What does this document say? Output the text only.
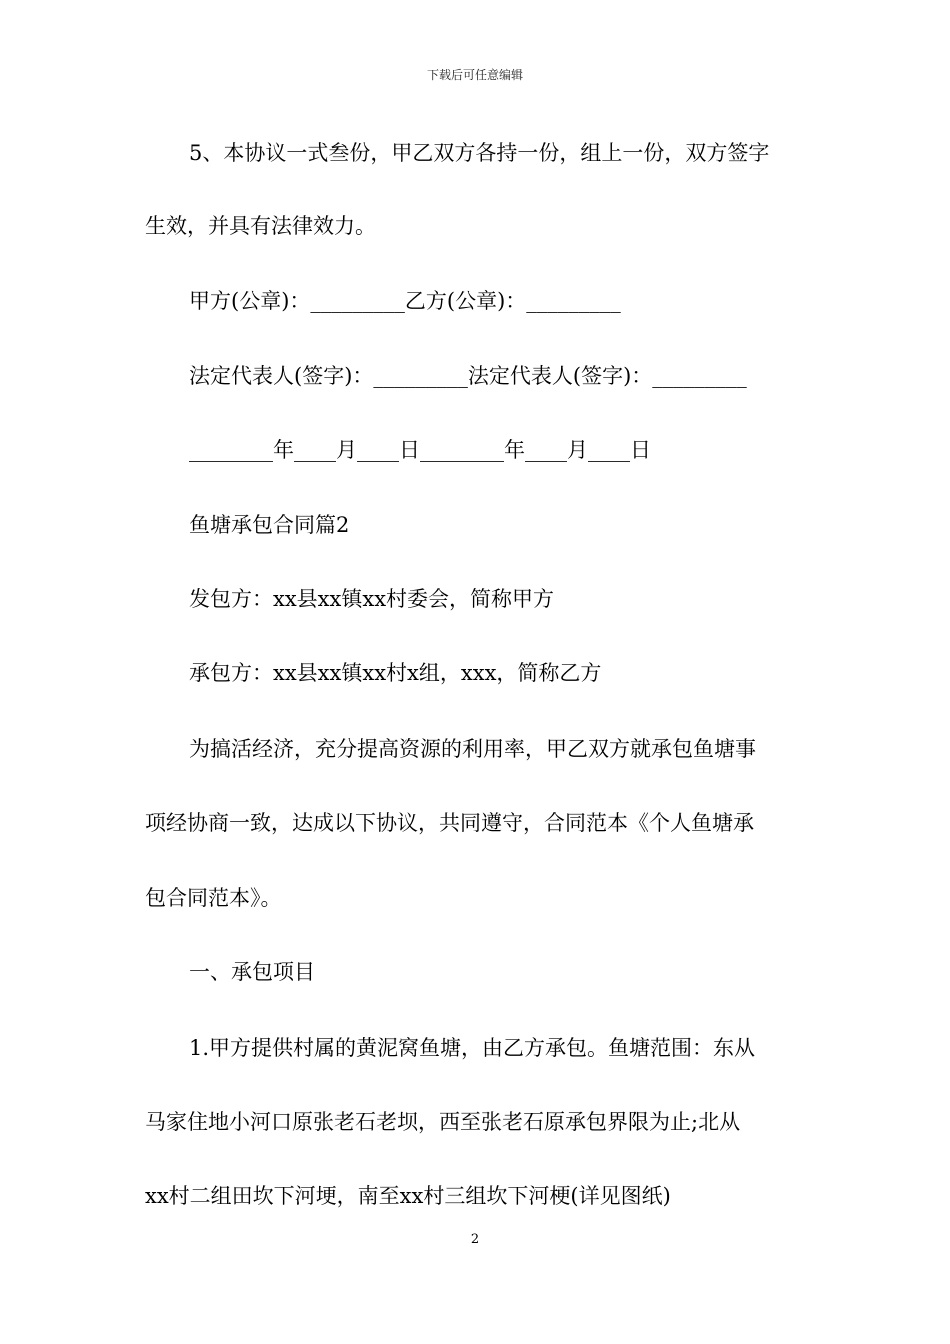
下载后可任意编辑
5、本协议一式叁份，甲乙双方各持一份，组上一份，双方签字
生效，并具有法律效力。
甲方(公章)：_________乙方(公章)：_________
法定代表人(签字)：_________法定代表人(签字)：_________
________年____月____日________年____月____日
鱼塘承包合同篇2
发包方：xx县xx镇xx村委会，简称甲方
承包方：xx县xx镇xx村x组，xxx，简称乙方
为搞活经济，充分提高资源的利用率，甲乙双方就承包鱼塘事
项经协商一致，达成以下协议，共同遵守，合同范本《个人鱼塘承
包合同范本》。
一、承包项目
1.甲方提供村属的黄泥窝鱼塘，由乙方承包。鱼塘范围：东从
马家住地小河口原张老石老坝，西至张老石原承包界限为止;北从
xx村二组田坎下河埂，南至xx村三组坎下河梗(详见图纸)
2
